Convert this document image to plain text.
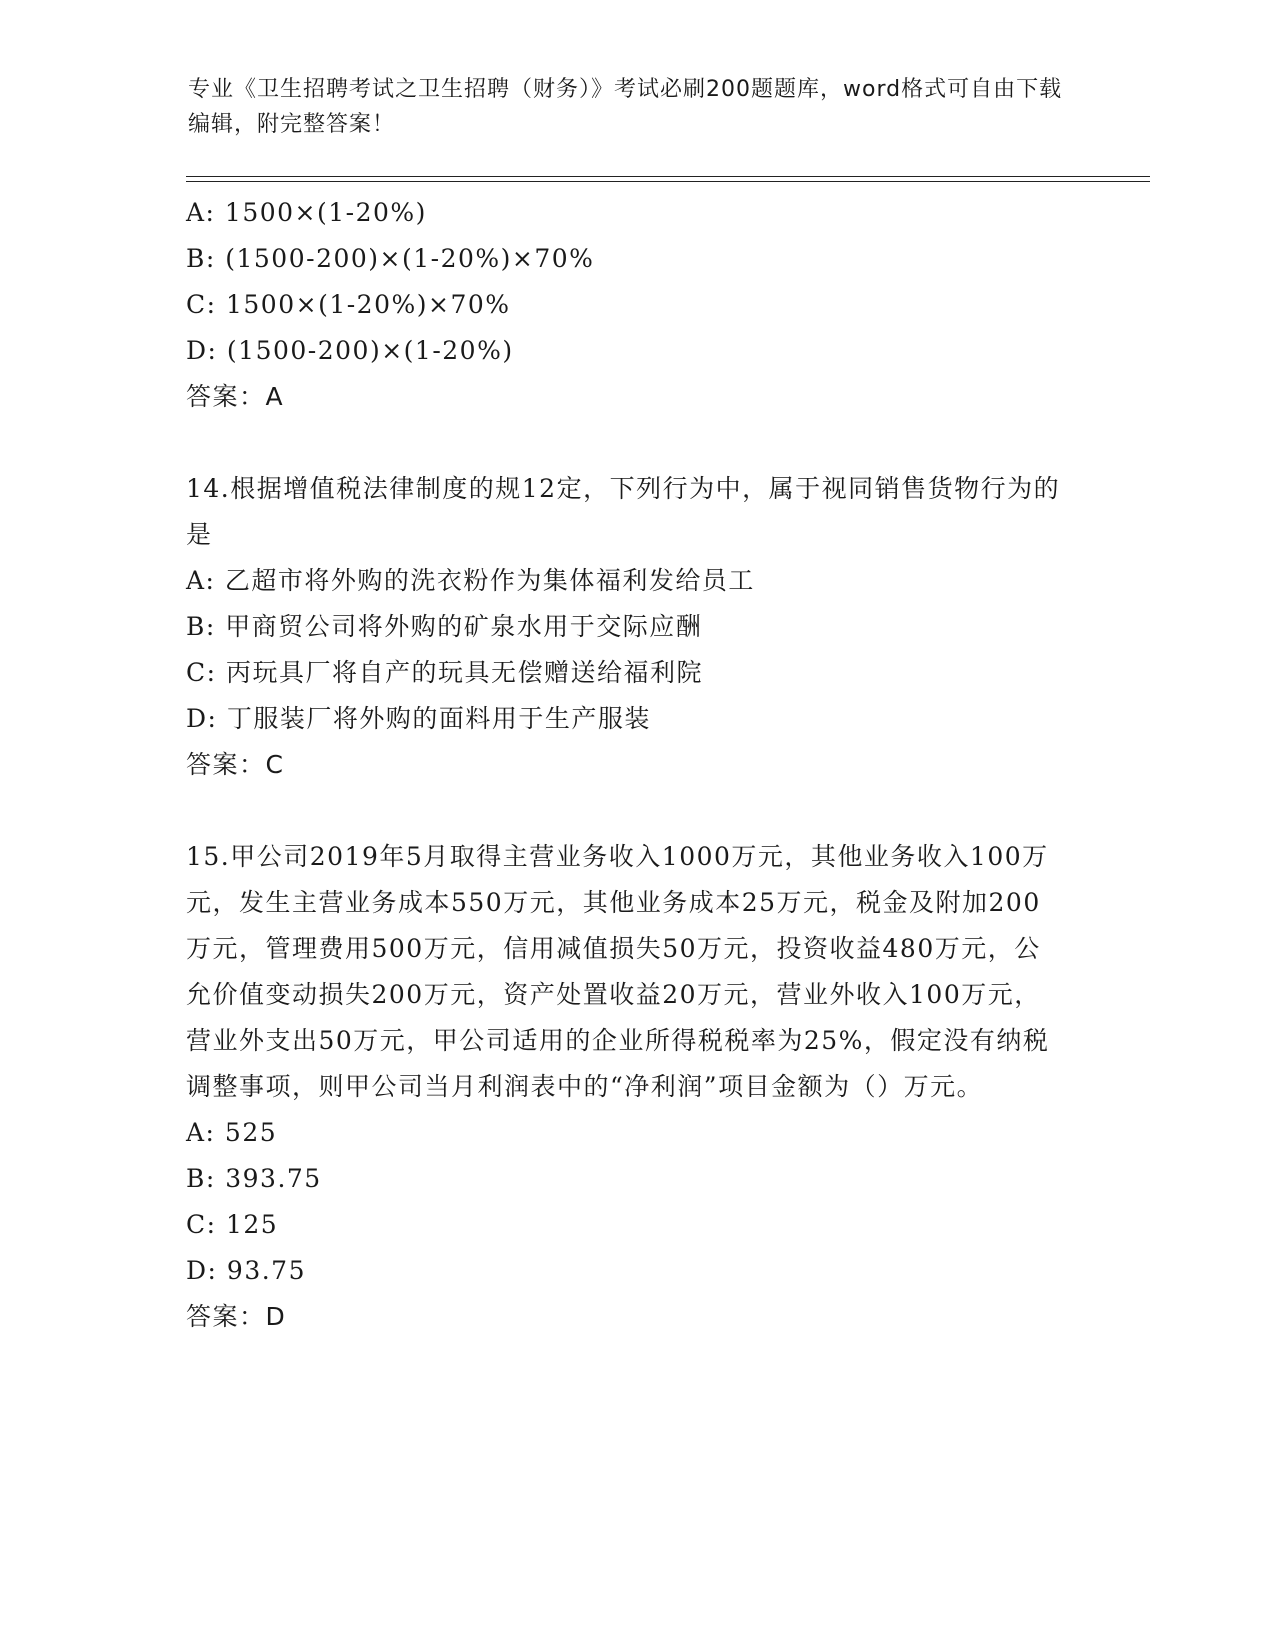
专业《卫生招聘考试之卫生招聘（财务）》考试必刷200题题库，word格式可自由下载编辑，附完整答案！
A: 1500×(1-20%)
B: (1500-200)×(1-20%)×70%
C: 1500×(1-20%)×70%
D: (1500-200)×(1-20%)
答案：A
14.根据增值税法律制度的规12定，下列行为中，属于视同销售货物行为的是
A: 乙超市将外购的洗衣粉作为集体福利发给员工
B: 甲商贸公司将外购的矿泉水用于交际应酬
C: 丙玩具厂将自产的玩具无偿赠送给福利院
D: 丁服装厂将外购的面料用于生产服装
答案：C
15.甲公司2019年5月取得主营业务收入1000万元，其他业务收入100万元，发生主营业务成本550万元，其他业务成本25万元，税金及附加200万元，管理费用500万元，信用减值损失50万元，投资收益480万元，公允价值变动损失200万元，资产处置收益20万元，营业外收入100万元，营业外支出50万元，甲公司适用的企业所得税税率为25%，假定没有纳税调整事项，则甲公司当月利润表中的“净利润”项目金额为（）万元。
A: 525
B: 393.75
C: 125
D: 93.75
答案：D
